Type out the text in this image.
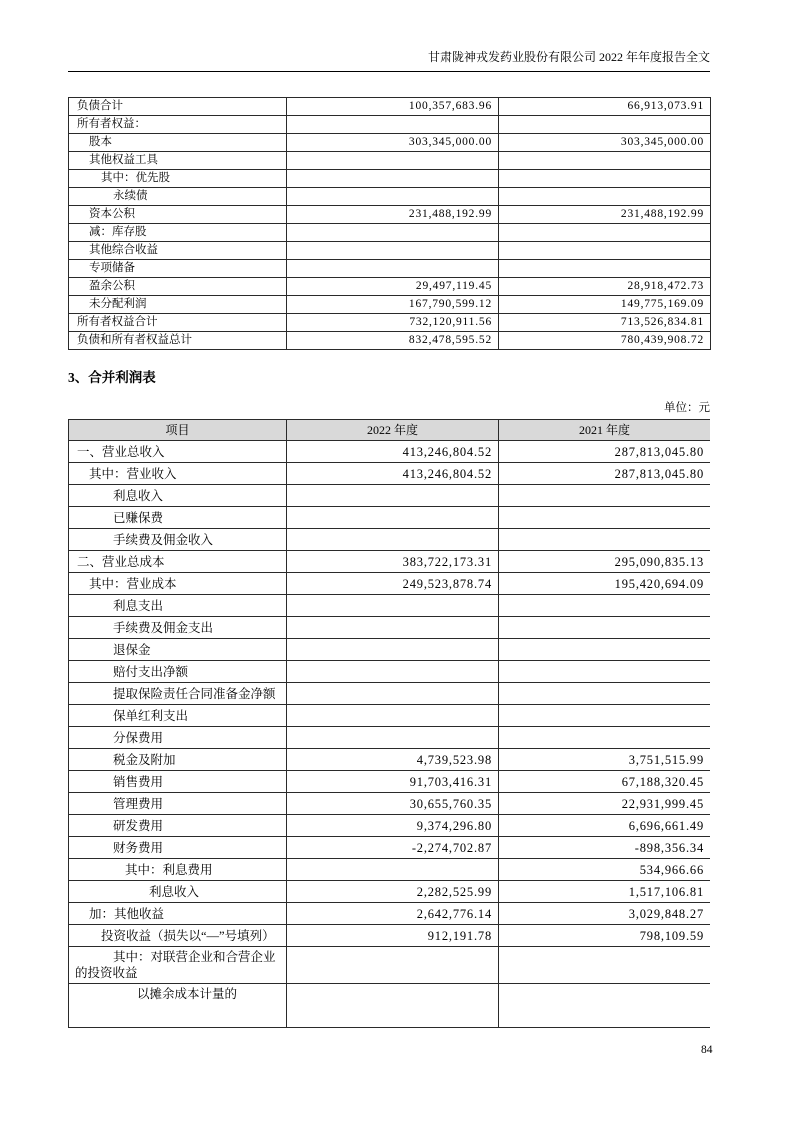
甘肃陇神戎发药业股份有限公司 2022 年年度报告全文
负债合计	100,357,683.96	66,913,073.91
所有者权益：		
股本	303,345,000.00	303,345,000.00
其他权益工具		
其中：优先股		
永续债		
资本公积	231,488,192.99	231,488,192.99
减：库存股		
其他综合收益		
专项储备		
盈余公积	29,497,119.45	28,918,472.73
未分配利润	167,790,599.12	149,775,169.09
所有者权益合计	732,120,911.56	713,526,834.81
负债和所有者权益总计	832,478,595.52	780,439,908.72
3、合并利润表
单位：元
项目	2022 年度	2021 年度
一、营业总收入	413,246,804.52	287,813,045.80
其中：营业收入	413,246,804.52	287,813,045.80
利息收入		
已赚保费		
手续费及佣金收入		
二、营业总成本	383,722,173.31	295,090,835.13
其中：营业成本	249,523,878.74	195,420,694.09
利息支出		
手续费及佣金支出		
退保金		
赔付支出净额		
提取保险责任合同准备金净额		
保单红利支出		
分保费用		
税金及附加	4,739,523.98	3,751,515.99
销售费用	91,703,416.31	67,188,320.45
管理费用	30,655,760.35	22,931,999.45
研发费用	9,374,296.80	6,696,661.49
财务费用	-2,274,702.87	-898,356.34
其中：利息费用		534,966.66
利息收入	2,282,525.99	1,517,106.81
加：其他收益	2,642,776.14	3,029,848.27
投资收益（损失以“—”号填列）	912,191.78	798,109.59
其中：对联营企业和合营企业的投资收益		
以摊余成本计量的		
84
